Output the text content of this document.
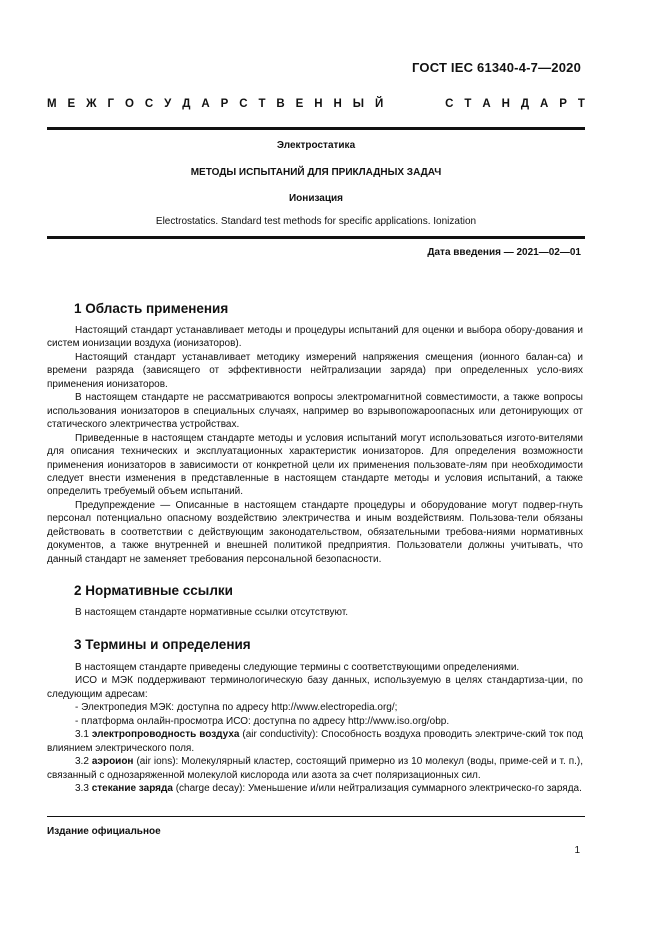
ГОСТ IEC 61340-4-7—2020
М Е Ж Г О С У Д А Р С Т В Е Н Н Ы Й	С Т А Н Д А Р Т
Электростатика
МЕТОДЫ ИСПЫТАНИЙ ДЛЯ ПРИКЛАДНЫХ ЗАДАЧ
Ионизация
Electrostatics. Standard test methods for specific applications. Ionization
Дата введения — 2021—02—01
1 Область применения

Настоящий стандарт устанавливает методы и процедуры испытаний для оценки и выбора обору-дования и систем ионизации воздуха (ионизаторов).

Настоящий стандарт устанавливает методику измерений напряжения смещения (ионного балан-са) и времени разряда (зависящего от эффективности нейтрализации заряда) при определенных усло-виях применения ионизаторов.

В настоящем стандарте не рассматриваются вопросы электромагнитной совместимости, а также вопросы использования ионизаторов в специальных случаях, например во взрывопожароопасных или детонирующих от статического электричества устройствах.

Приведенные в настоящем стандарте методы и условия испытаний могут использоваться изгото-вителями для описания технических и эксплуатационных характеристик ионизаторов. Для определения возможности применения ионизаторов в зависимости от конкретной цели их применения пользовате-лям при необходимости следует внести изменения в представленные в настоящем стандарте методы и условия испытаний, а также определить требуемый объем испытаний.

Предупреждение — Описанные в настоящем стандарте процедуры и оборудование могут подвер-гнуть персонал потенциально опасному воздействию электричества и иным воздействиям. Пользова-тели обязаны действовать в соответствии с действующим законодательством, обязательными требова-ниями нормативных документов, а также внутренней и внешней политикой предприятия. Пользователи должны учитывать, что данный стандарт не заменяет требования персональной безопасности.

2 Нормативные ссылки

В настоящем стандарте нормативные ссылки отсутствуют.

3 Термины и определения

В настоящем стандарте приведены следующие термины с соответствующими определениями.

ИСО и МЭК поддерживают терминологическую базу данных, используемую в целях стандартиза-ции, по следующим адресам:

- Электропедия МЭК: доступна по адресу http://www.electropedia.org/;

- платформа онлайн-просмотра ИСО: доступна по адресу http://www.iso.org/obp.

3.1 электропроводность воздуха (air conductivity): Способность воздуха проводить электриче-ский ток под влиянием электрического поля.

3.2 аэроион (air ions): Молекулярный кластер, состоящий примерно из 10 молекул (воды, приме-сей и т. п.), связанный с однозаряженной молекулой кислорода или азота за счет поляризационных сил.

3.3 стекание заряда (charge decay): Уменьшение и/или нейтрализация суммарного электрическо-го заряда.

Издание официальное
1
